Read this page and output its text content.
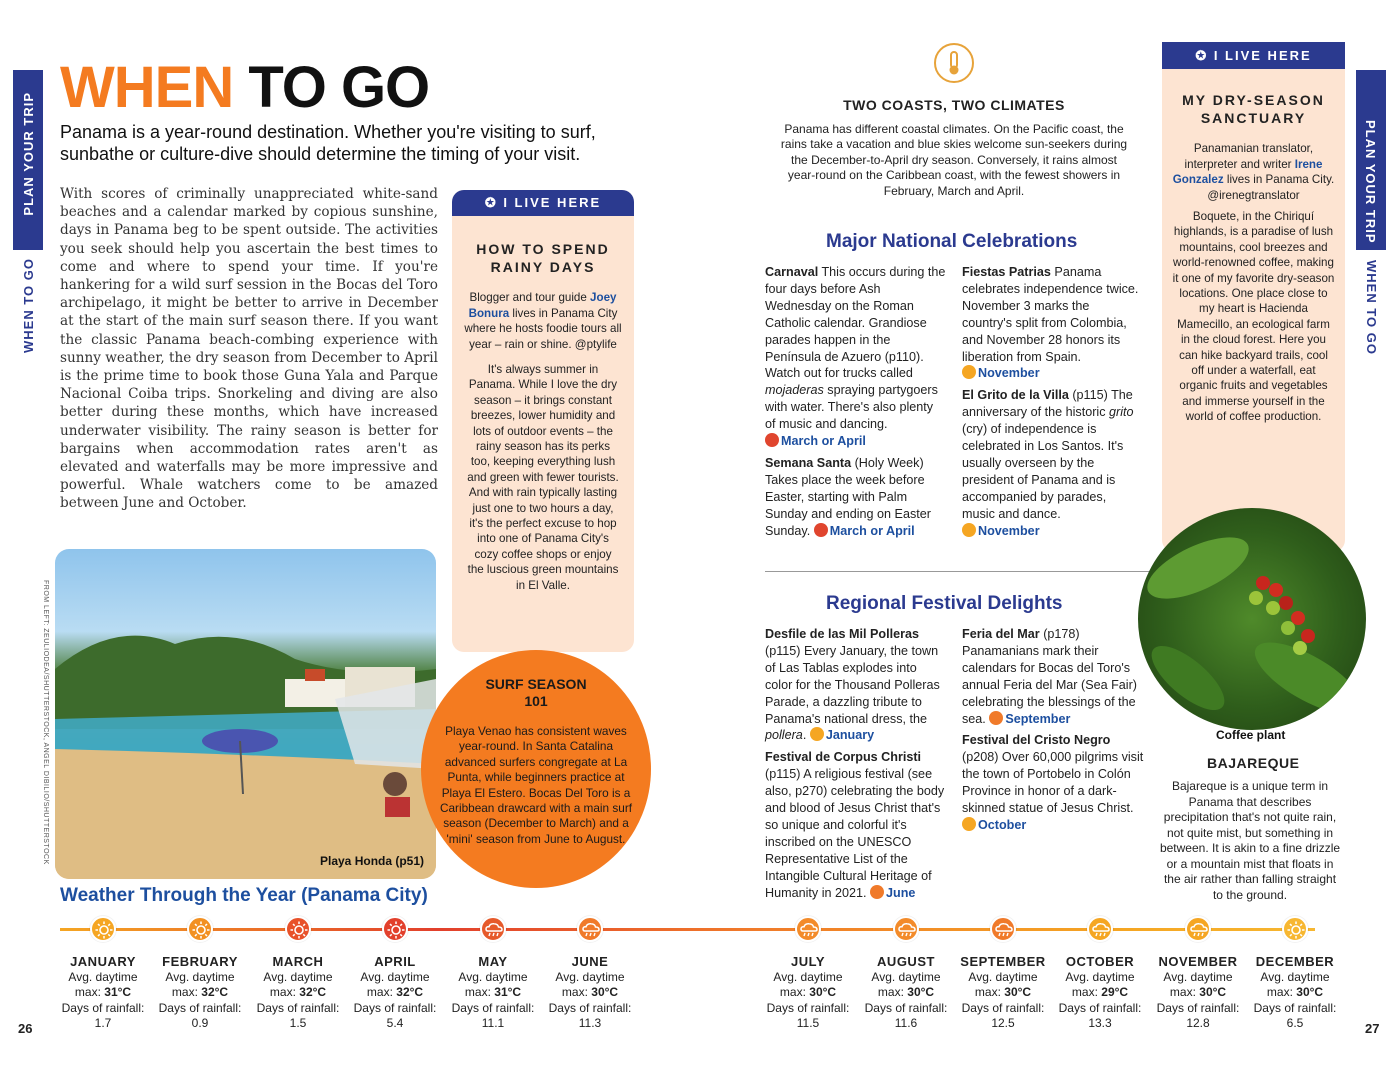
PLAN YOUR TRIP
WHEN TO GO
PLAN YOUR TRIP
WHEN TO GO
WHEN TO GO
Panama is a year-round destination. Whether you're visiting to surf, sunbathe or culture-dive should determine the timing of your visit.
With scores of criminally unappreciated white-sand beaches and a calendar marked by copious sunshine, days in Panama beg to be spent outside. The activities you seek should help you ascertain the best times to come and where to spend your time. If you're hankering for a wild surf session in the Bocas del Toro archipelago, it might be better to arrive in December at the start of the main surf season there. If you want the classic Panama beach-combing experience with sunny weather, the dry season from December to April is the prime time to book those Guna Yala and Parque Nacional Coiba trips. Snorkeling and diving are also better during these months, which have increased underwater visibility. The rainy season is better for bargains when accommodation rates aren't as elevated and waterfalls may be more impressive and powerful. Whale watchers come to be amazed between June and October.
✪ I LIVE HERE
HOW TO SPEND RAINY DAYS
Blogger and tour guide Joey Bonura lives in Panama City where he hosts foodie tours all year – rain or shine. @ptylife
It's always summer in Panama. While I love the dry season – it brings constant breezes, lower humidity and lots of outdoor events – the rainy season has its perks too, keeping everything lush and green with fewer tourists. And with rain typically lasting just one to two hours a day, it's the perfect excuse to hop into one of Panama City's cozy coffee shops or enjoy the luscious green mountains in El Valle.
FROM LEFT: ZEULIODEA/SHUTTERSTOCK, ANGEL DIBILIO/SHUTTERSTOCK	Playa Honda (p51)
SURF SEASON 101
Playa Venao has consistent waves year-round. In Santa Catalina advanced surfers congregate at La Punta, while beginners practice at Playa El Estero. Bocas Del Toro is a Caribbean drawcard with a main surf season (December to March) and a 'mini' season from June to August.
TWO COASTS, TWO CLIMATES
Panama has different coastal climates. On the Pacific coast, the rains take a vacation and blue skies welcome sun-seekers during the December-to-April dry season. Conversely, it rains almost year-round on the Caribbean coast, with the fewest showers in February, March and April.
Major National Celebrations
Carnaval This occurs during the four days before Ash Wednesday on the Roman Catholic calendar. Grandiose parades happen in the Península de Azuero (p110). Watch out for trucks called mojaderas spraying partygoers with water. There's also plenty of music and dancing.
March or April
Semana Santa (Holy Week) Takes place the week before Easter, starting with Palm Sunday and ending on Easter Sunday. March or April
Fiestas Patrias Panama celebrates independence twice. November 3 marks the country's split from Colombia, and November 28 honors its liberation from Spain.
November
El Grito de la Villa (p115) The anniversary of the historic grito (cry) of independence is celebrated in Los Santos. It's usually overseen by the president of Panama and is accompanied by parades, music and dance.
November
Regional Festival Delights
Desfile de las Mil Polleras (p115) Every January, the town of Las Tablas explodes into color for the Thousand Polleras Parade, a dazzling tribute to Panama's national dress, the pollera. January
Festival de Corpus Christi (p115) A religious festival (see also, p270) celebrating the body and blood of Jesus Christ that's so unique and colorful it's inscribed on the UNESCO Representative List of the Intangible Cultural Heritage of Humanity in 2021. June
Feria del Mar (p178) Panamanians mark their calendars for Bocas del Toro's annual Feria del Mar (Sea Fair) celebrating the blessings of the sea. September
Festival del Cristo Negro (p208) Over 60,000 pilgrims visit the town of Portobelo in Colón Province in honor of a dark-skinned statue of Jesus Christ. October
✪ I LIVE HERE
MY DRY-SEASON SANCTUARY
Panamanian translator, interpreter and writer Irene Gonzalez lives in Panama City. @irenegtranslator
Boquete, in the Chiriquí highlands, is a paradise of lush mountains, cool breezes and world-renowned coffee, making it one of my favorite dry-season locations. One place close to my heart is Hacienda Mamecillo, an ecological farm in the cloud forest. Here you can hike backyard trails, cool off under a waterfall, eat organic fruits and vegetables and immerse yourself in the world of coffee production.
Coffee plant
BAJAREQUE
Bajareque is a unique term in Panama that describes precipitation that's not quite rain, not quite mist, but something in between. It is akin to a fine drizzle or a mountain mist that floats in the air rather than falling straight to the ground.
Weather Through the Year (Panama City)
JANUARY
Avg. daytime
max: 31°C
Days of rainfall:
1.7
FEBRUARY
Avg. daytime
max: 32°C
Days of rainfall:
0.9
MARCH
Avg. daytime
max: 32°C
Days of rainfall:
1.5
APRIL
Avg. daytime
max: 32°C
Days of rainfall:
5.4
MAY
Avg. daytime
max: 31°C
Days of rainfall:
11.1
JUNE
Avg. daytime
max: 30°C
Days of rainfall:
11.3
JULY
Avg. daytime
max: 30°C
Days of rainfall:
11.5
AUGUST
Avg. daytime
max: 30°C
Days of rainfall:
11.6
SEPTEMBER
Avg. daytime
max: 30°C
Days of rainfall:
12.5
OCTOBER
Avg. daytime
max: 29°C
Days of rainfall:
13.3
NOVEMBER
Avg. daytime
max: 30°C
Days of rainfall:
12.8
DECEMBER
Avg. daytime
max: 30°C
Days of rainfall:
6.5
26	27
